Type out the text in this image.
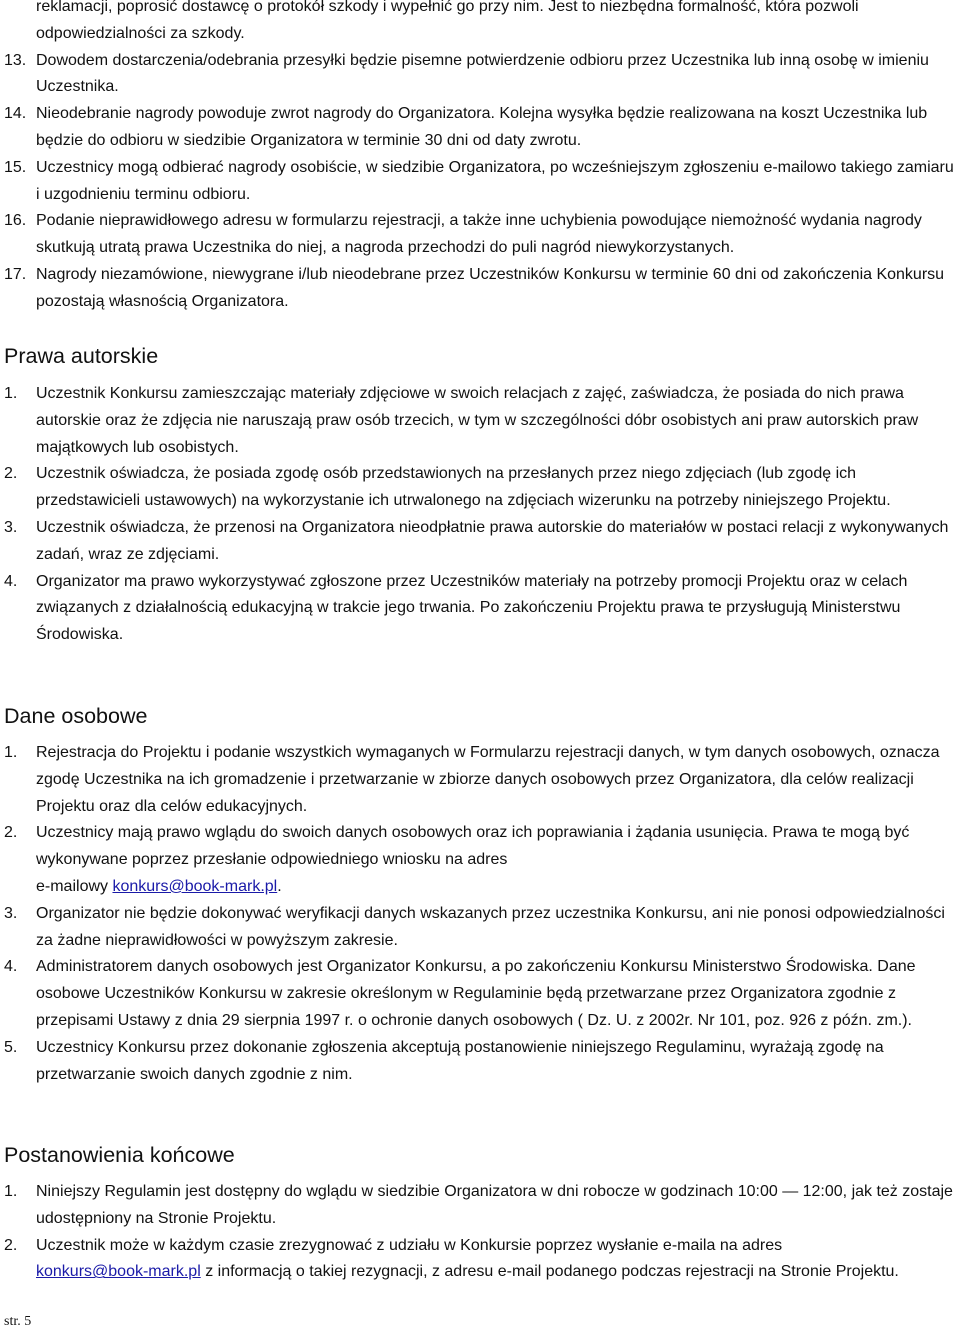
reklamacji, poprosić dostawcę o protokół szkody i wypełnić go przy nim. Jest to niezbędna formalność, która pozwoli odpowiedzialności za szkody.
13. Dowodem dostarczenia/odebrania przesyłki będzie pisemne potwierdzenie odbioru przez Uczestnika lub inną osobę w imieniu Uczestnika.
14. Nieodebranie nagrody powoduje zwrot nagrody do Organizatora. Kolejna wysyłka będzie realizowana na koszt Uczestnika lub będzie do odbioru w siedzibie Organizatora w terminie 30 dni od daty zwrotu.
15. Uczestnicy mogą odbierać nagrody osobiście, w siedzibie Organizatora, po wcześniejszym zgłoszeniu e-mailowo takiego zamiaru i uzgodnieniu terminu odbioru.
16. Podanie nieprawidłowego adresu w formularzu rejestracji, a także inne uchybienia powodujące niemożność wydania nagrody skutkują utratą prawa Uczestnika do niej, a nagroda przechodzi do puli nagród niewykorzystanych.
17. Nagrody niezamówione, niewygrane i/lub nieodebrane przez Uczestników Konkursu w terminie 60 dni od zakończenia Konkursu pozostają własnością Organizatora.
Prawa autorskie
1. Uczestnik Konkursu zamieszczając materiały zdjęciowe w swoich relacjach z zajęć, zaświadcza, że posiada do nich prawa autorskie oraz że zdjęcia nie naruszają praw osób trzecich, w tym w szczególności dóbr osobistych ani praw autorskich praw majątkowych lub osobistych.
2. Uczestnik oświadcza, że posiada zgodę osób przedstawionych na przesłanych przez niego zdjęciach (lub zgodę ich przedstawicieli ustawowych) na wykorzystanie ich utrwalonego na zdjęciach wizerunku na potrzeby niniejszego Projektu.
3. Uczestnik oświadcza, że przenosi na Organizatora nieodpłatnie prawa autorskie do materiałów w postaci relacji z wykonywanych zadań, wraz ze zdjęciami.
4. Organizator ma prawo wykorzystywać zgłoszone przez Uczestników materiały na potrzeby promocji Projektu oraz w celach związanych z działalnością edukacyjną w trakcie jego trwania. Po zakończeniu Projektu prawa te przysługują Ministerstwu Środowiska.
Dane osobowe
1. Rejestracja do Projektu i podanie wszystkich wymaganych w Formularzu rejestracji danych, w tym danych osobowych, oznacza zgodę Uczestnika na ich gromadzenie i przetwarzanie w zbiorze danych osobowych przez Organizatora, dla celów realizacji Projektu oraz dla celów edukacyjnych.
2. Uczestnicy mają prawo wglądu do swoich danych osobowych oraz ich poprawiania i żądania usunięcia. Prawa te mogą być wykonywane poprzez przesłanie odpowiedniego wniosku na adres
e-mailowy konkurs@book-mark.pl.
3. Organizator nie będzie dokonywać weryfikacji danych wskazanych przez uczestnika Konkursu, ani nie ponosi odpowiedzialności za żadne nieprawidłowości w powyższym zakresie.
4. Administratorem danych osobowych jest Organizator Konkursu, a po zakończeniu Konkursu Ministerstwo Środowiska. Dane osobowe Uczestników Konkursu w zakresie określonym w Regulaminie będą przetwarzane przez Organizatora zgodnie z przepisami Ustawy z dnia 29 sierpnia 1997 r. o ochronie danych osobowych ( Dz. U. z 2002r. Nr 101, poz. 926 z późn. zm.).
5. Uczestnicy Konkursu przez dokonanie zgłoszenia akceptują postanowienie niniejszego Regulaminu, wyrażają zgodę na przetwarzanie swoich danych zgodnie z nim.
Postanowienia końcowe
1. Niniejszy Regulamin jest dostępny do wglądu w siedzibie Organizatora w dni robocze w godzinach 10:00 — 12:00, jak też zostaje udostępniony na Stronie Projektu.
2. Uczestnik może w każdym czasie zrezygnować z udziału w Konkursie poprzez wysłanie e-maila na adres
konkurs@book-mark.pl z informacją o takiej rezygnacji, z adresu e-mail podanego podczas rejestracji na Stronie Projektu.
str. 5
